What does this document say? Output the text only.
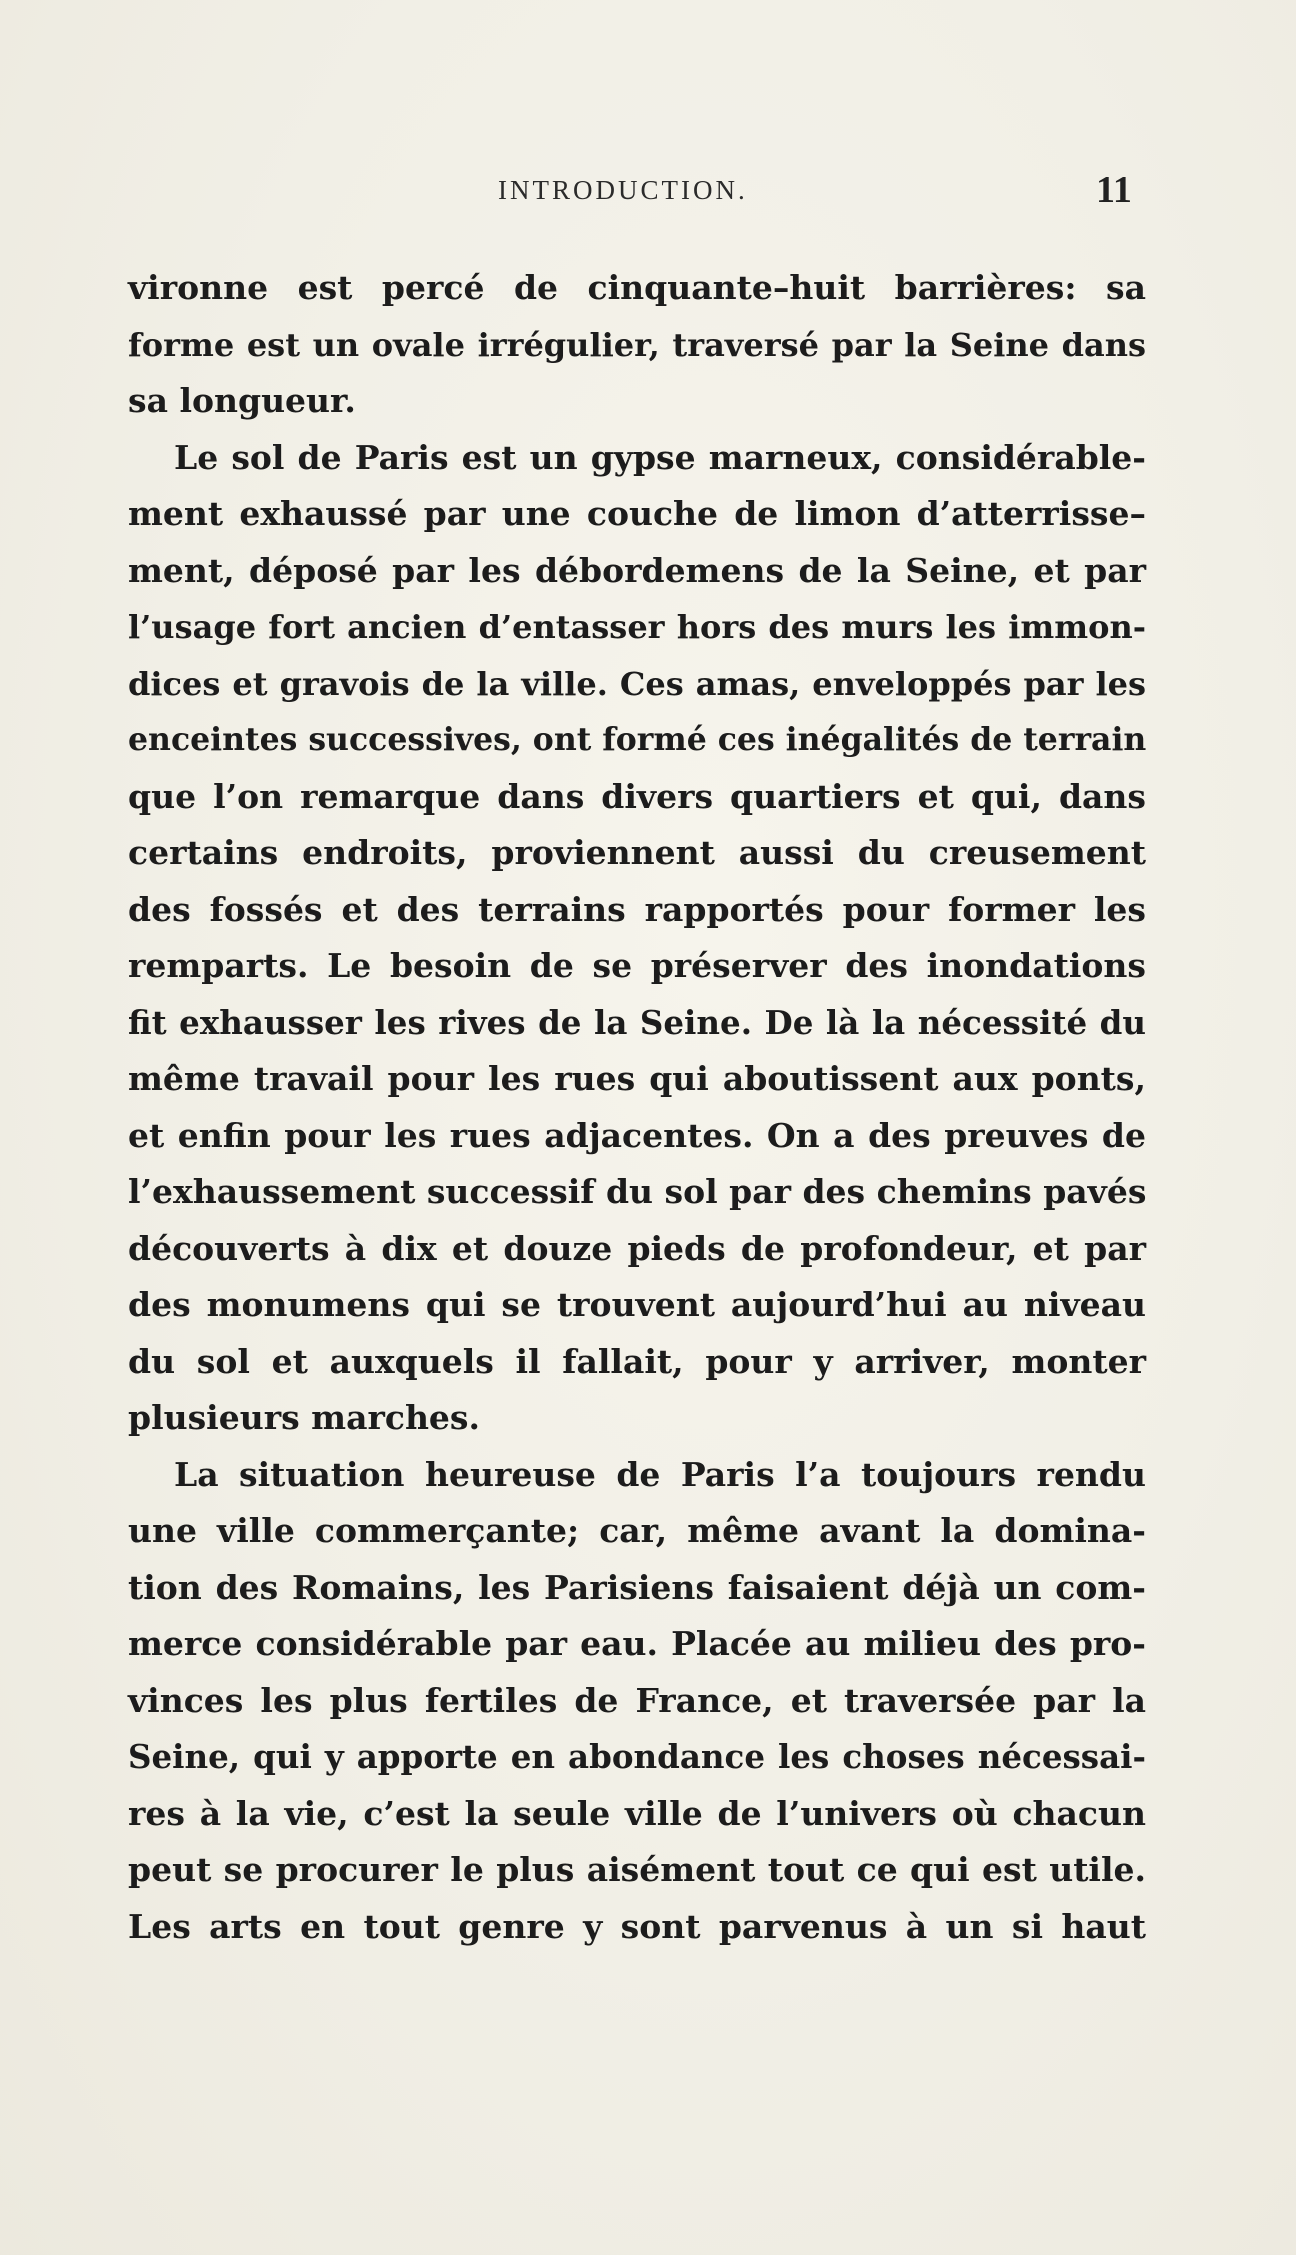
INTRODUCTION.	11
vironne est percé de cinquante–huit barrières: sa
forme est un ovale irrégulier, traversé par la Seine dans
sa longueur.
Le sol de Paris est un gypse marneux, considérable-
ment exhaussé par une couche de limon d’atterrisse–
ment, déposé par les débordemens de la Seine, et par
l’usage fort ancien d’entasser hors des murs les immon-
dices et gravois de la ville. Ces amas, enveloppés par les
enceintes successives, ont formé ces inégalités de terrain
que l’on remarque dans divers quartiers et qui, dans
certains endroits, proviennent aussi du creusement
des fossés et des terrains rapportés pour former les
remparts. Le besoin de se préserver des inondations
fit exhausser les rives de la Seine. De là la nécessité du
même travail pour les rues qui aboutissent aux ponts,
et enfin pour les rues adjacentes. On a des preuves de
l’exhaussement successif du sol par des chemins pavés
découverts à dix et douze pieds de profondeur, et par
des monumens qui se trouvent aujourd’hui au niveau
du sol et auxquels il fallait, pour y arriver, monter
plusieurs marches.
La situation heureuse de Paris l’a toujours rendu
une ville commerçante; car, même avant la domina-
tion des Romains, les Parisiens faisaient déjà un com-
merce considérable par eau. Placée au milieu des pro-
vinces les plus fertiles de France, et traversée par la
Seine, qui y apporte en abondance les choses nécessai-
res à la vie, c’est la seule ville de l’univers où chacun
peut se procurer le plus aisément tout ce qui est utile.
Les arts en tout genre y sont parvenus à un si haut
